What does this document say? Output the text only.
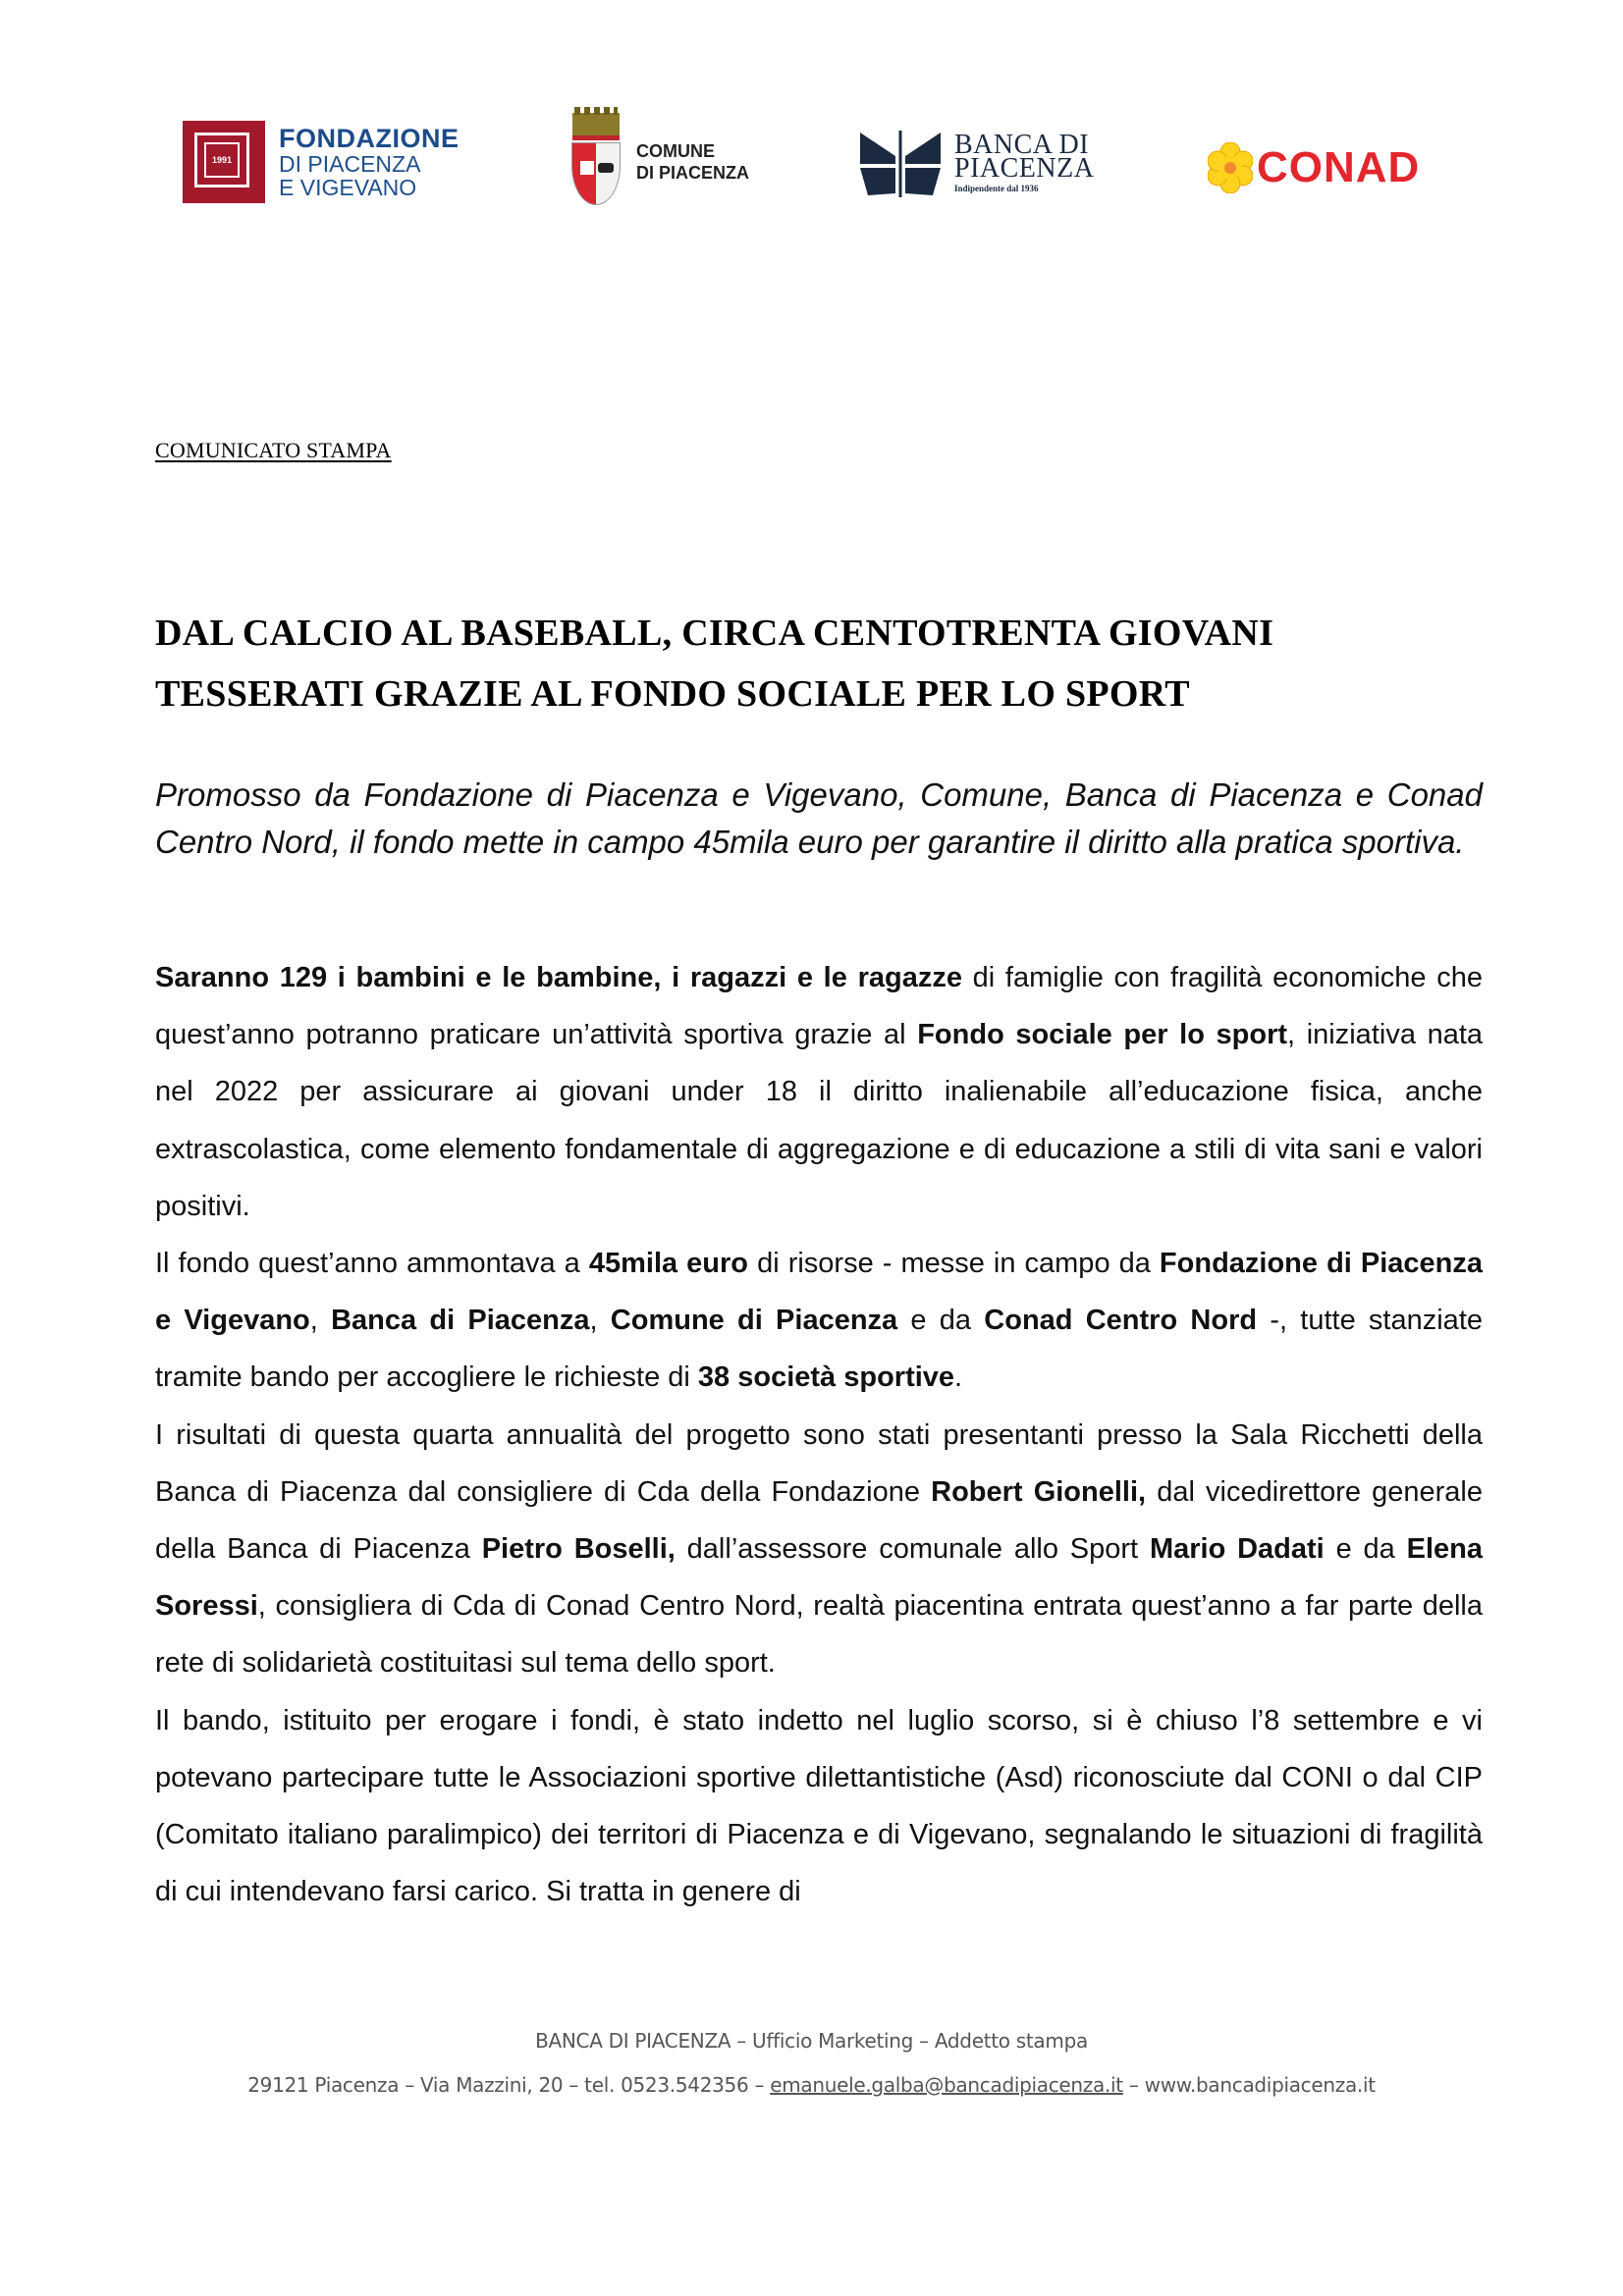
19 91
FONDAZIONE
DI PIACENZA
E VIGEVANO
COMUNE
DI PIACENZA
BANCA DI
PIACENZA
Indipendente dal 1936	CONAD
COMUNICATO STAMPA
DAL CALCIO AL BASEBALL, CIRCA CENTOTRENTA GIOVANI TESSERATI GRAZIE AL FONDO SOCIALE PER LO SPORT
Promosso da Fondazione di Piacenza e Vigevano, Comune, Banca di Piacenza e Conad Centro Nord, il fondo mette in campo 45mila euro per garantire il diritto alla pratica sportiva.

Saranno 129 i bambini e le bambine, i ragazzi e le ragazze di famiglie con fragilità economiche che quest’anno potranno praticare un’attività sportiva grazie al Fondo sociale per lo sport, iniziativa nata nel 2022 per assicurare ai giovani under 18 il diritto inalienabile all’educazione fisica, anche extrascolastica, come elemento fondamentale di aggregazione e di educazione a stili di vita sani e valori positivi.

Il fondo quest’anno ammontava a 45mila euro di risorse - messe in campo da Fondazione di Piacenza e Vigevano, Banca di Piacenza, Comune di Piacenza e da Conad Centro Nord -, tutte stanziate tramite bando per accogliere le richieste di 38 società sportive.

I risultati di questa quarta annualità del progetto sono stati presentanti presso la Sala Ricchetti della Banca di Piacenza dal consigliere di Cda della Fondazione Robert Gionelli, dal vicedirettore generale della Banca di Piacenza Pietro Boselli, dall’assessore comunale allo Sport Mario Dadati e da Elena Soressi, consigliera di Cda di Conad Centro Nord, realtà piacentina entrata quest’anno a far parte della rete di solidarietà costituitasi sul tema dello sport.

Il bando, istituito per erogare i fondi, è stato indetto nel luglio scorso, si è chiuso l’8 settembre e vi potevano partecipare tutte le Associazioni sportive dilettantistiche (Asd) riconosciute dal CONI o dal CIP (Comitato italiano paralimpico) dei territori di Piacenza e di Vigevano, segnalando le situazioni di fragilità di cui intendevano farsi carico. Si tratta in genere di

BANCA DI PIACENZA – Ufficio Marketing – Addetto stampa
29121 Piacenza – Via Mazzini, 20 – tel. 0523.542356 – emanuele.galba@bancadipiacenza.it – www.bancadipiacenza.it
